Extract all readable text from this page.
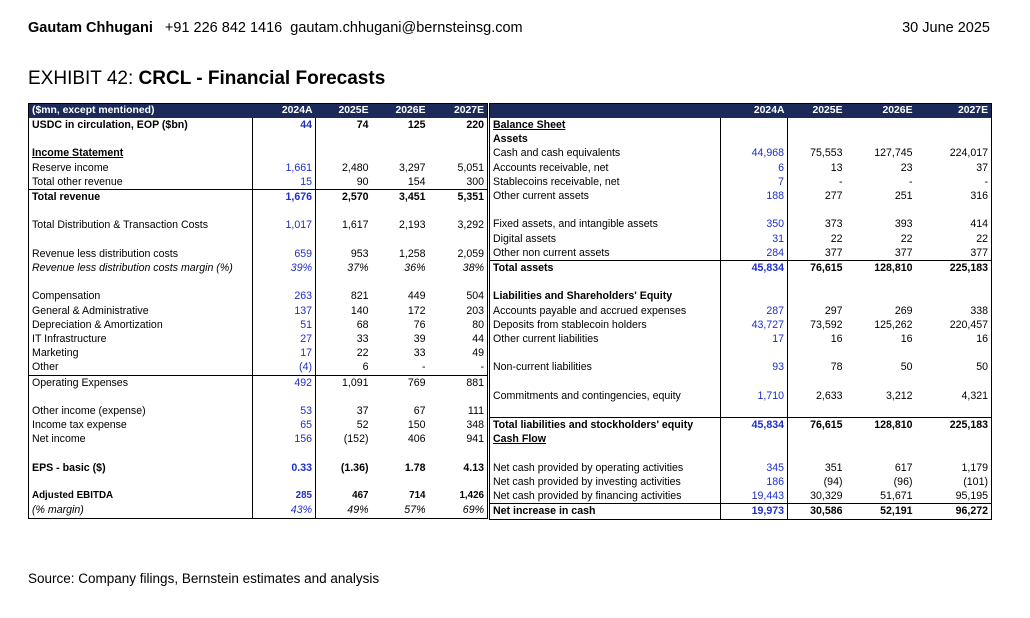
Gautam Chhugani +91 226 842 1416 gautam.chhugani@bernsteinsg.com	30 June 2025
EXHIBIT 42: CRCL - Financial Forecasts
($mn, except mentioned)	2024A	2025E	2026E	2027E
USDC in circulation, EOP ($bn)	44	74	125	220

Income Statement				
Reserve income	1,661	2,480	3,297	5,051
Total other revenue	15	90	154	300
Total revenue	1,676	2,570	3,451	5,351

Total Distribution & Transaction Costs	1,017	1,617	2,193	3,292

Revenue less distribution costs	659	953	1,258	2,059
Revenue less distribution costs margin (%)	39%	37%	36%	38%

Compensation	263	821	449	504
General & Administrative	137	140	172	203
Depreciation & Amortization	51	68	76	80
IT Infrastructure	27	33	39	44
Marketing	17	22	33	49
Other	(4)	6	-	-
Operating Expenses	492	1,091	769	881

Other income (expense)	53	37	67	111
Income tax expense	65	52	150	348
Net income	156	(152)	406	941

EPS - basic ($)	0.33	(1.36)	1.78	4.13

Adjusted EBITDA	285	467	714	1,426
(% margin)	43%	49%	57%	69%
	2024A	2025E	2026E	2027E
Balance Sheet				
Assets				
Cash and cash equivalents	44,968	75,553	127,745	224,017
Accounts receivable, net	6	13	23	37
Stablecoins receivable, net	7	-	-	-
Other current assets	188	277	251	316

Fixed assets, and intangible assets	350	373	393	414
Digital assets	31	22	22	22
Other non current assets	284	377	377	377
Total assets	45,834	76,615	128,810	225,183

Liabilities and Shareholders' Equity				
Accounts payable and accrued expenses	287	297	269	338
Deposits from stablecoin holders	43,727	73,592	125,262	220,457
Other current liabilities	17	16	16	16

Non-current liabilities	93	78	50	50

Commitments and contingencies, equity	1,710	2,633	3,212	4,321

Total liabilities and stockholders' equity	45,834	76,615	128,810	225,183
Cash Flow				

Net cash provided by operating activities	345	351	617	1,179
Net cash provided by investing activities	186	(94)	(96)	(101)
Net cash provided by financing activities	19,443	30,329	51,671	95,195
Net increase in cash	19,973	30,586	52,191	96,272
Source: Company filings, Bernstein estimates and analysis
